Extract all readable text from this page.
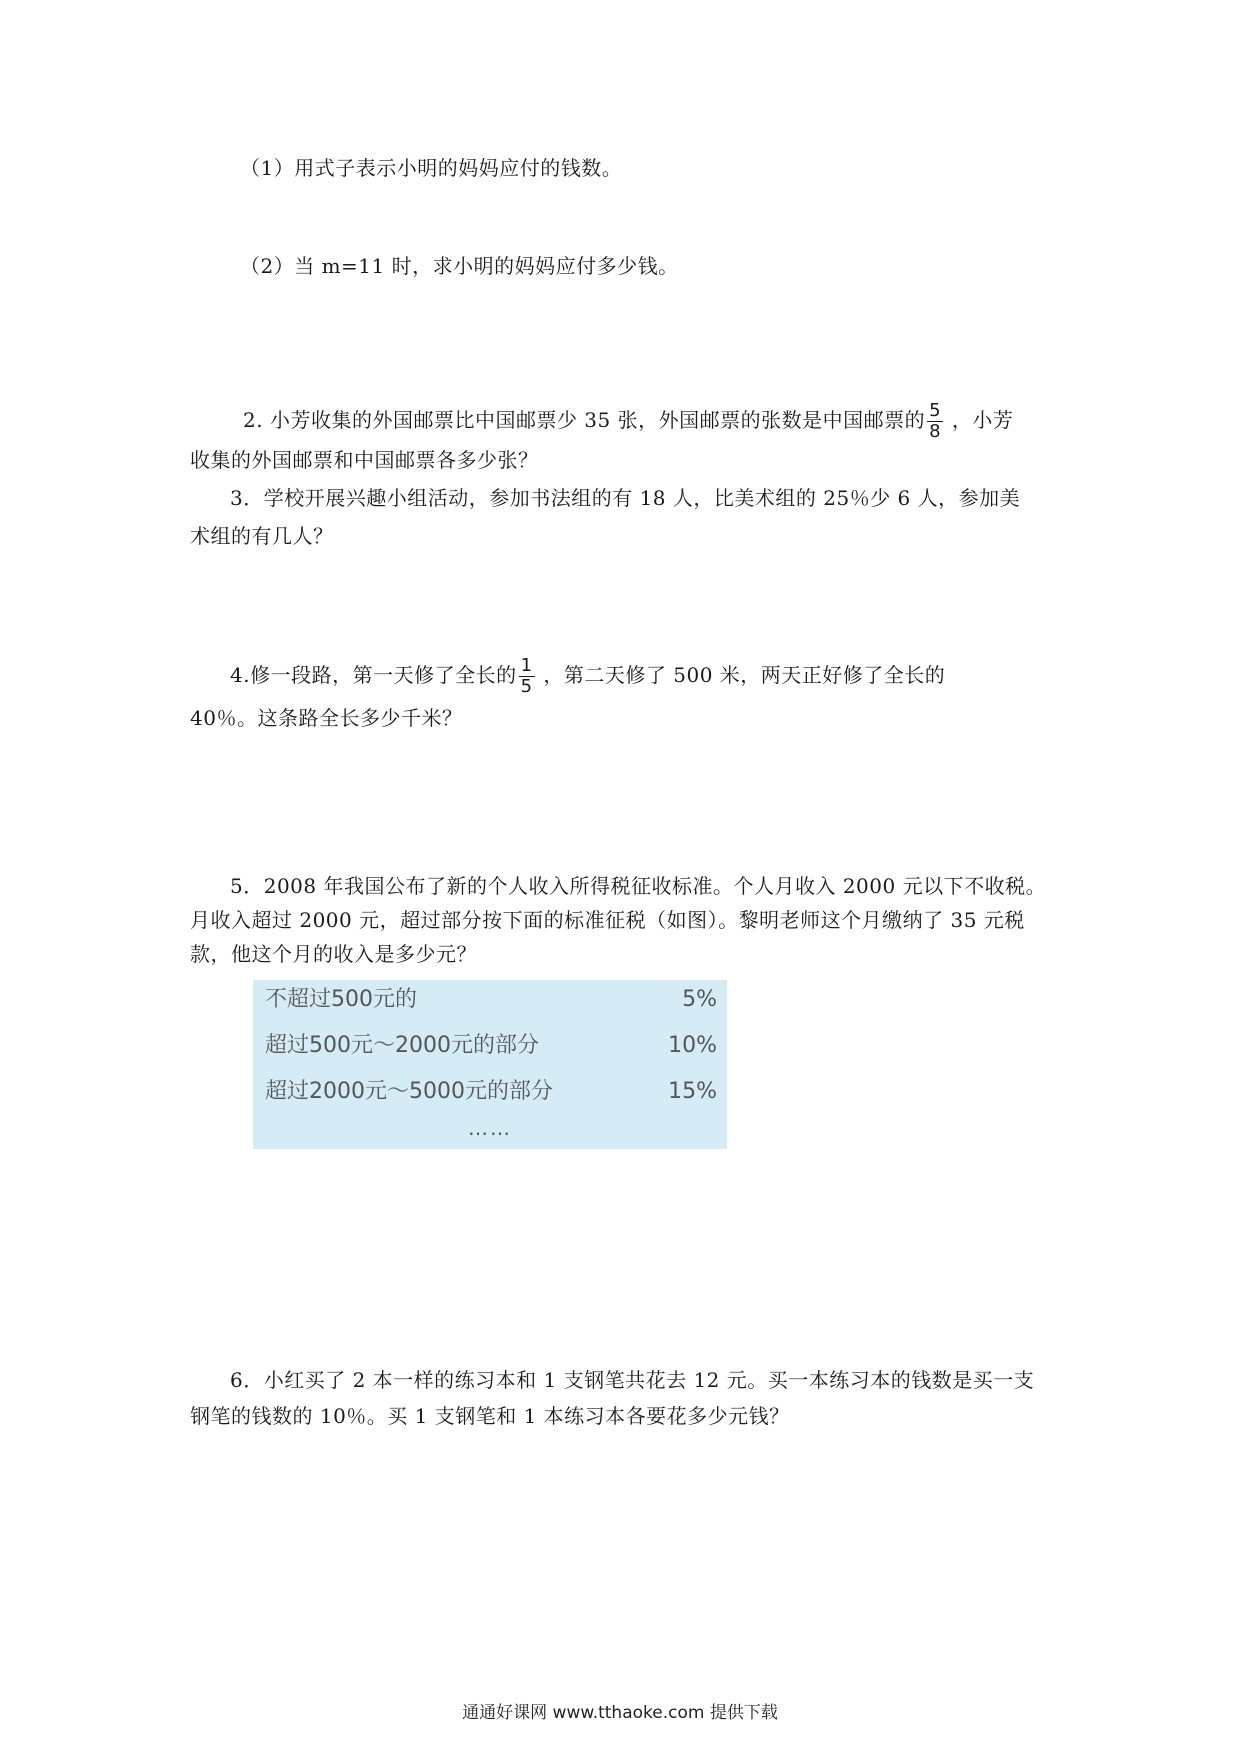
（1）用式子表示小明的妈妈应付的钱数。
（2）当 m=11 时，求小明的妈妈应付多少钱。
2. 小芳收集的外国邮票比中国邮票少 35 张，外国邮票的张数是中国邮票的 $\frac{5}{8}$ ，小芳
收集的外国邮票和中国邮票各多少张？
3．学校开展兴趣小组活动，参加书法组的有 18 人，比美术组的 25％少 6 人，参加美
术组的有几人？
4.修一段路，第一天修了全长的 $\frac{1}{5}$ ，第二天修了 500 米，两天正好修了全长的
40％。这条路全长多少千米？
5．2008 年我国公布了新的个人收入所得税征收标准。个人月收入 2000 元以下不收税。
月收入超过 2000 元，超过部分按下面的标准征税（如图）。黎明老师这个月缴纳了 35 元税
款，他这个月的收入是多少元？
不超过500元的	5%
超过500元～2000元的部分	10%
超过2000元～5000元的部分	15%
……
6．小红买了 2 本一样的练习本和 1 支钢笔共花去 12 元。买一本练习本的钱数是买一支
钢笔的钱数的 10％。买 1 支钢笔和 1 本练习本各要花多少元钱？
通通好课网 www.tthaoke.com 提供下载
